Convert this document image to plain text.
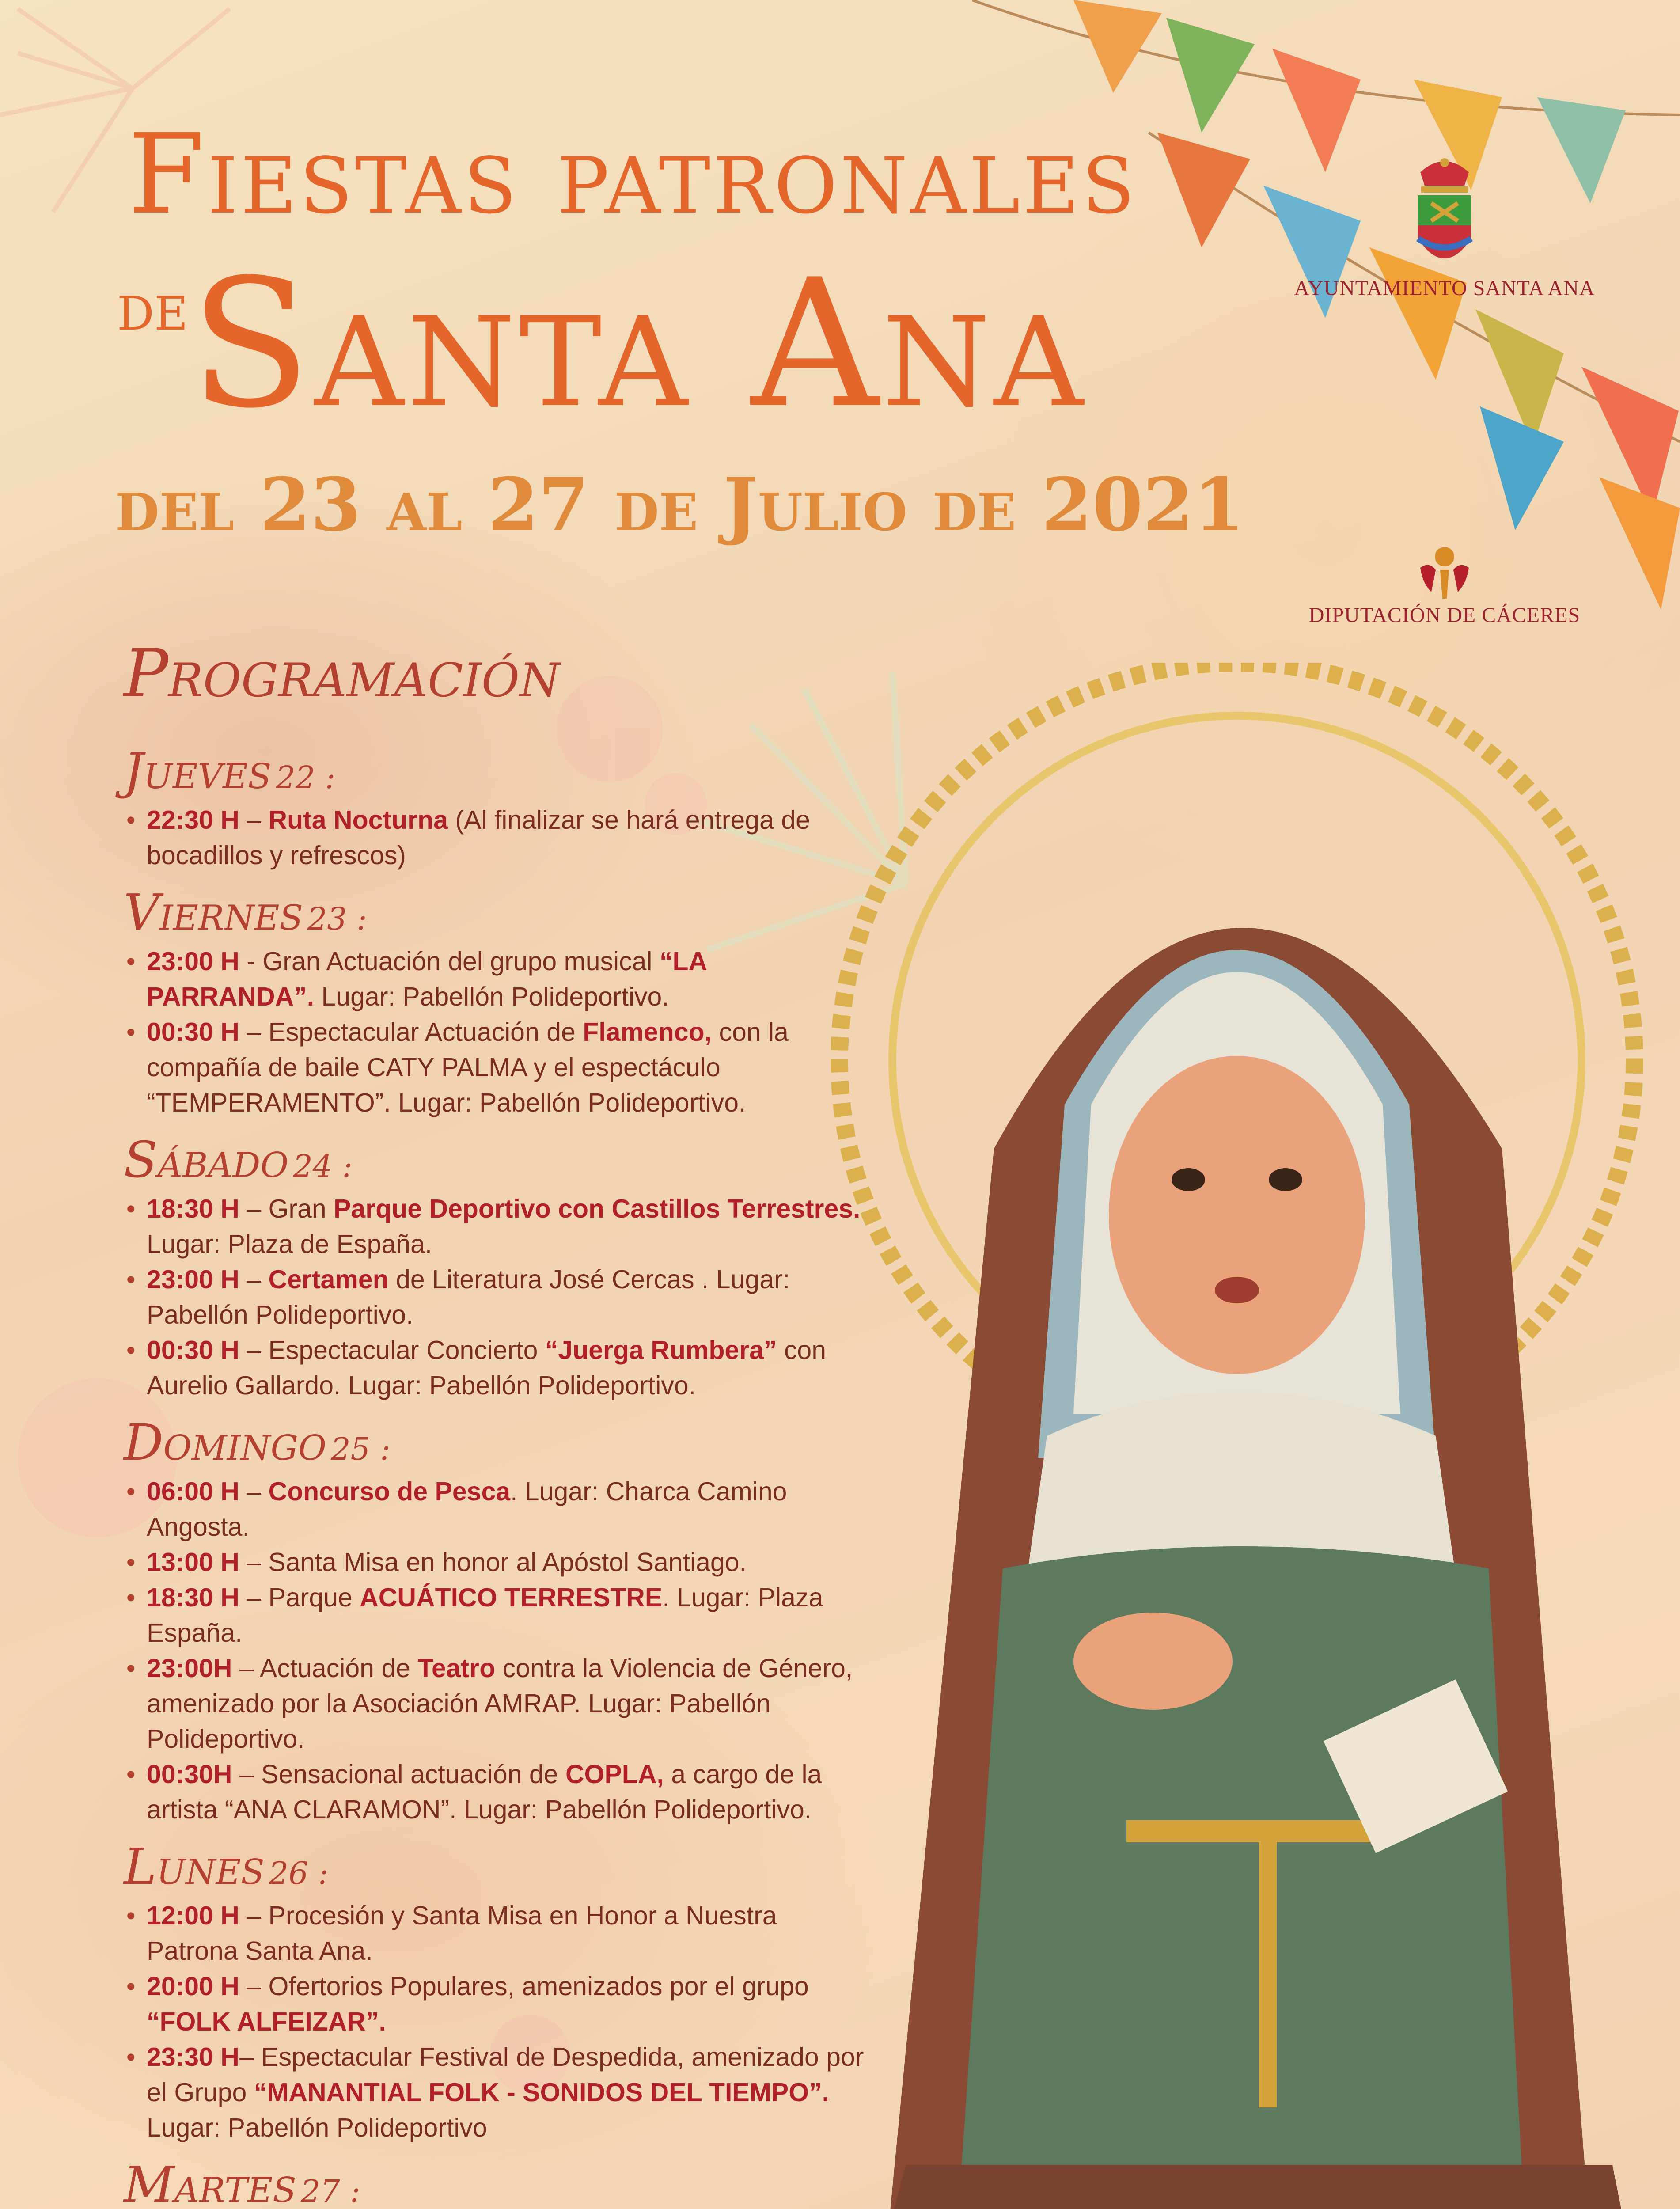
Fiestas patronales
de Santa Ana
del 23 al 27 de Julio de 2021
AYUNTAMIENTO SANTA ANA
DIPUTACIÓN DE CÁCERES
Programación
Jueves 22 :
• 22:30 H – Ruta Nocturna (Al finalizar se hará entrega de bocadillos y refrescos)
Viernes 23 :
• 23:00 H - Gran Actuación del grupo musical “LA PARRANDA”. Lugar: Pabellón Polideportivo.
• 00:30 H – Espectacular Actuación de Flamenco, con la compañía de baile CATY PALMA y el espectáculo “TEMPERAMENTO”. Lugar: Pabellón Polideportivo.
Sábado 24 :
• 18:30 H – Gran Parque Deportivo con Castillos Terrestres. Lugar: Plaza de España.
• 23:00 H – Certamen de Literatura José Cercas . Lugar: Pabellón Polideportivo.
• 00:30 H – Espectacular Concierto “Juerga Rumbera” con Aurelio Gallardo. Lugar: Pabellón Polideportivo.
Domingo 25 :
• 06:00 H – Concurso de Pesca. Lugar: Charca Camino Angosta.
• 13:00 H – Santa Misa en honor al Apóstol Santiago.
• 18:30 H – Parque ACUÁTICO TERRESTRE. Lugar: Plaza España.
• 23:00H – Actuación de Teatro contra la Violencia de Género, amenizado por la Asociación AMRAP. Lugar: Pabellón Polideportivo.
• 00:30H – Sensacional actuación de COPLA, a cargo de la artista “ANA CLARAMON”. Lugar: Pabellón Polideportivo.
Lunes 26 :
• 12:00 H – Procesión y Santa Misa en Honor a Nuestra Patrona Santa Ana.
• 20:00 H – Ofertorios Populares, amenizados por el grupo “FOLK ALFEIZAR”.
• 23:30 H– Espectacular Festival de Despedida, amenizado por el Grupo “MANANTIAL FOLK - SONIDOS DEL TIEMPO”. Lugar: Pabellón Polideportivo
Martes 27 :
